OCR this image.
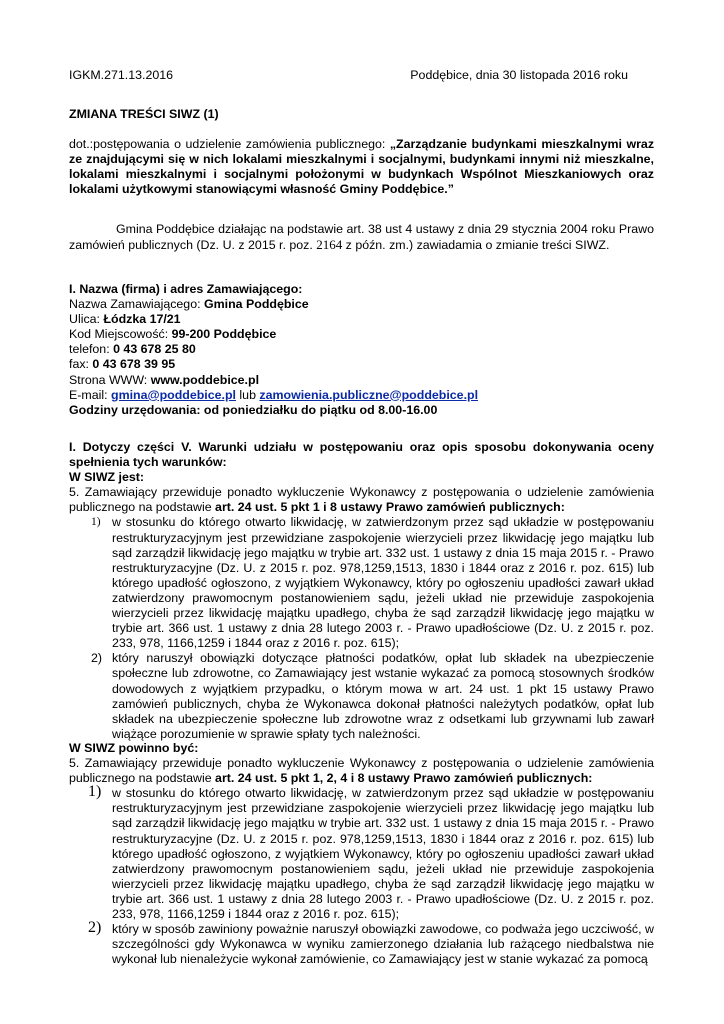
IGKM.271.13.2016	Poddębice, dnia 30 listopada 2016 roku
ZMIANA TREŚCI SIWZ (1)
dot.:postępowania o udzielenie zamówienia publicznego: „Zarządzanie budynkami mieszkalnymi wraz ze znajdującymi się w nich lokalami mieszkalnymi i socjalnymi, budynkami innymi niż mieszkalne, lokalami mieszkalnymi i socjalnymi położonymi w budynkach Wspólnot Mieszkaniowych oraz lokalami użytkowymi stanowiącymi własność Gminy Poddębice.”
Gmina Poddębice działając na podstawie art. 38 ust 4 ustawy z dnia 29 stycznia 2004 roku Prawo zamówień publicznych (Dz. U. z 2015 r. poz. 2164 z późn. zm.) zawiadamia o zmianie treści SIWZ.

I. Nazwa (firma) i adres Zamawiającego:

Nazwa Zamawiającego: Gmina Poddębice

Ulica: Łódzka 17/21

Kod Miejscowość: 99-200 Poddębice

telefon: 0 43 678 25 80

fax: 0 43 678 39 95

Strona WWW: www.poddebice.pl

E-mail: gmina@poddebice.pl lub zamowienia.publiczne@poddebice.pl

Godziny urzędowania: od poniedziałku do piątku od 8.00-16.00

I. Dotyczy części V. Warunki udziału w postępowaniu oraz opis sposobu dokonywania oceny spełnienia tych warunków:

W SIWZ jest:

5. Zamawiający przewiduje ponadto wykluczenie Wykonawcy z postępowania o udzielenie zamówienia publicznego na podstawie art. 24 ust. 5 pkt 1 i 8 ustawy Prawo zamówień publicznych:

1) w stosunku do którego otwarto likwidację, w zatwierdzonym przez sąd układzie w postępowaniu restrukturyzacyjnym jest przewidziane zaspokojenie wierzycieli przez likwidację jego majątku lub sąd zarządził likwidację jego majątku w trybie art. 332 ust. 1 ustawy z dnia 15 maja 2015 r. - Prawo restrukturyzacyjne (Dz. U. z 2015 r. poz. 978,1259,1513, 1830 i 1844 oraz z 2016 r. poz. 615) lub którego upadłość ogłoszono, z wyjątkiem Wykonawcy, który po ogłoszeniu upadłości zawarł układ zatwierdzony prawomocnym postanowieniem sądu, jeżeli układ nie przewiduje zaspokojenia wierzycieli przez likwidację majątku upadłego, chyba że sąd zarządził likwidację jego majątku w trybie art. 366 ust. 1 ustawy z dnia 28 lutego 2003 r. - Prawo upadłościowe (Dz. U. z 2015 r. poz. 233, 978, 1166,1259 i 1844 oraz z 2016 r. poz. 615);
2) który naruszył obowiązki dotyczące płatności podatków, opłat lub składek na ubezpieczenie społeczne lub zdrowotne, co Zamawiający jest wstanie wykazać za pomocą stosownych środków dowodowych z wyjątkiem przypadku, o którym mowa w art. 24 ust. 1 pkt 15 ustawy Prawo zamówień publicznych, chyba że Wykonawca dokonał płatności należytych podatków, opłat lub składek na ubezpieczenie społeczne lub zdrowotne wraz z odsetkami lub grzywnami lub zawarł wiążące porozumienie w sprawie spłaty tych należności.

W SIWZ powinno być:

5. Zamawiający przewiduje ponadto wykluczenie Wykonawcy z postępowania o udzielenie zamówienia publicznego na podstawie art. 24 ust. 5 pkt 1, 2, 4 i 8 ustawy Prawo zamówień publicznych:

1) w stosunku do którego otwarto likwidację, w zatwierdzonym przez sąd układzie w postępowaniu restrukturyzacyjnym jest przewidziane zaspokojenie wierzycieli przez likwidację jego majątku lub sąd zarządził likwidację jego majątku w trybie art. 332 ust. 1 ustawy z dnia 15 maja 2015 r. - Prawo restrukturyzacyjne (Dz. U. z 2015 r. poz. 978,1259,1513, 1830 i 1844 oraz z 2016 r. poz. 615) lub którego upadłość ogłoszono, z wyjątkiem Wykonawcy, który po ogłoszeniu upadłości zawarł układ zatwierdzony prawomocnym postanowieniem sądu, jeżeli układ nie przewiduje zaspokojenia wierzycieli przez likwidację majątku upadłego, chyba że sąd zarządził likwidację jego majątku w trybie art. 366 ust. 1 ustawy z dnia 28 lutego 2003 r. - Prawo upadłościowe (Dz. U. z 2015 r. poz. 233, 978, 1166,1259 i 1844 oraz z 2016 r. poz. 615);
2) który w sposób zawiniony poważnie naruszył obowiązki zawodowe, co podważa jego uczciwość, w szczególności gdy Wykonawca w wyniku zamierzonego działania lub rażącego niedbalstwa nie wykonał lub nienależycie wykonał zamówienie, co Zamawiający jest w stanie wykazać za pomocą
